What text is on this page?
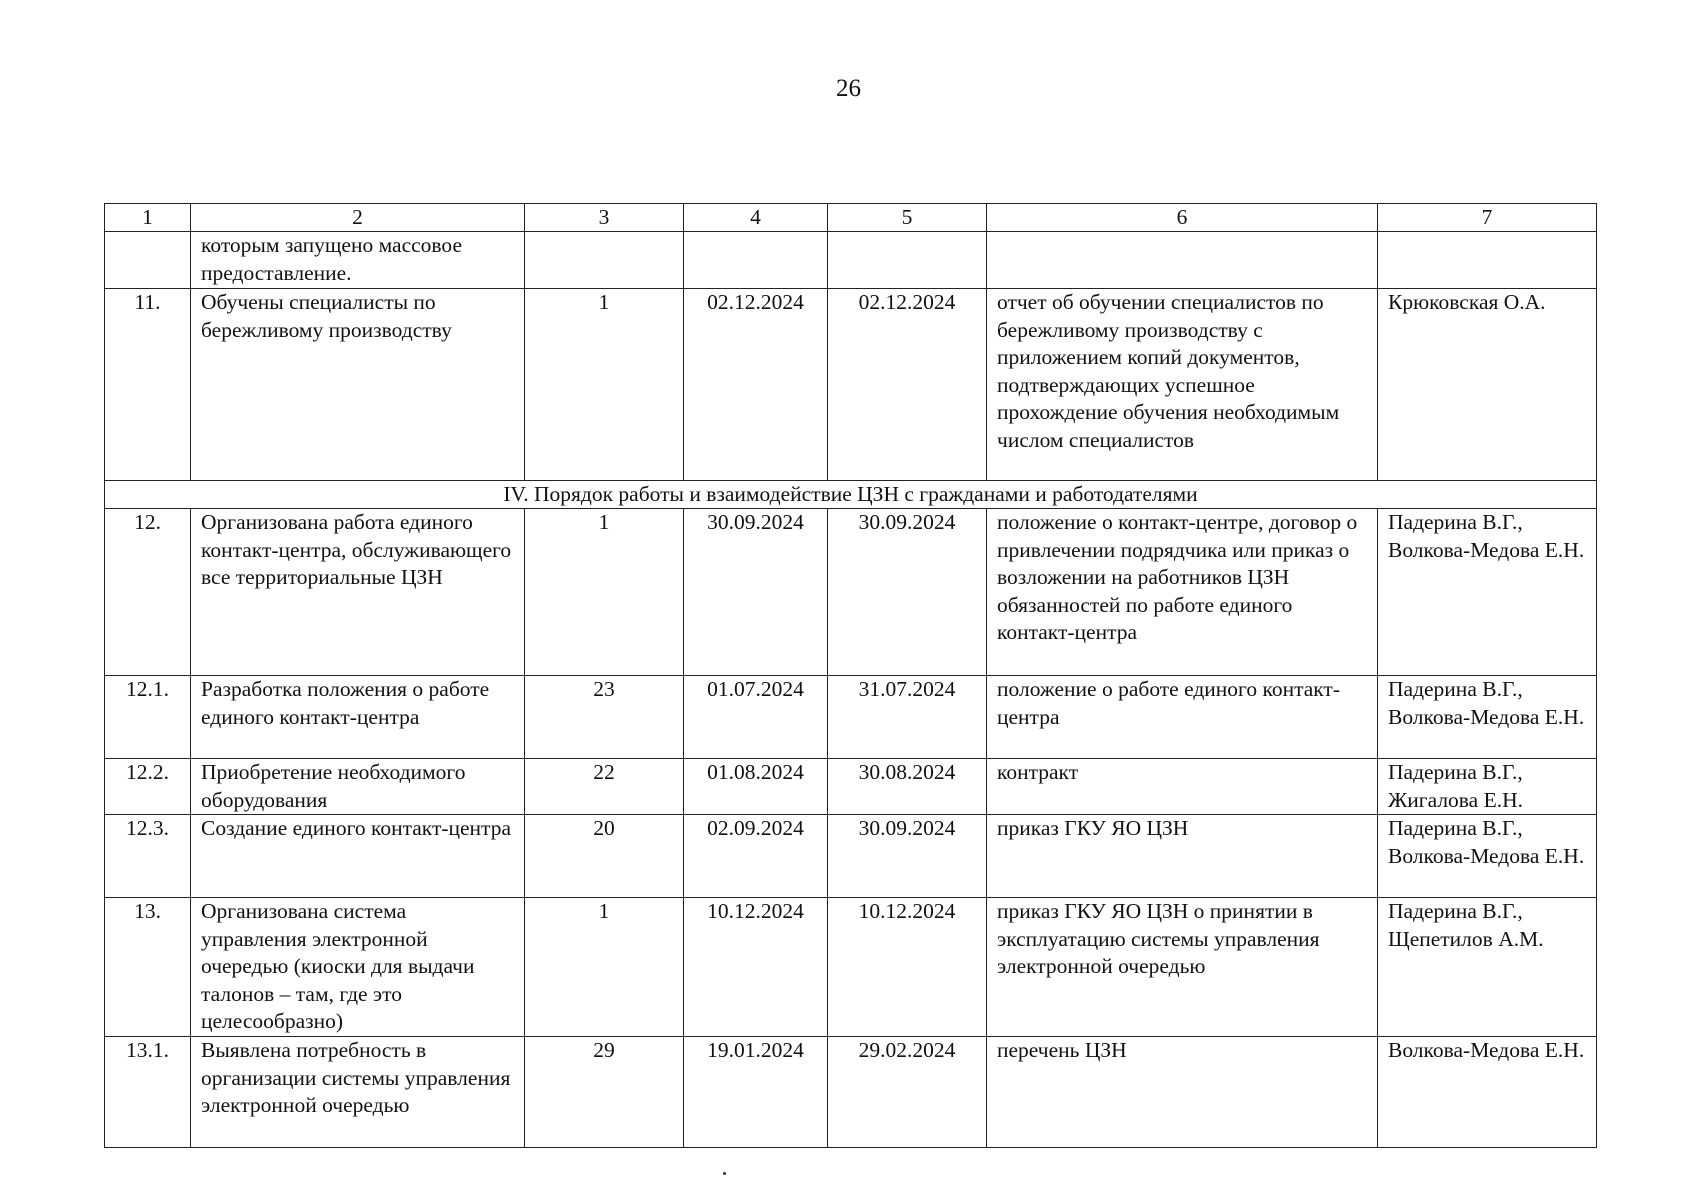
26
1	2	3	4	5	6	7
	которым запущено массовое предоставление.					
11.	Обучены специалисты по бережливому производству	1	02.12.2024	02.12.2024	отчет об обучении специалистов по бережливому производству с приложением копий документов, подтверждающих успешное прохождение обучения необходимым числом специалистов	Крюковская О.А.
IV. Порядок работы и взаимодействие ЦЗН с гражданами и работодателями						
12.	Организована работа единого контакт-центра, обслуживающего все территориальные ЦЗН	1	30.09.2024	30.09.2024	положение о контакт-центре, договор о привлечении подрядчика или приказ о возложении на работников ЦЗН обязанностей по работе единого контакт-центра	Падерина В.Г., Волкова-Медова Е.Н.
12.1.	Разработка положения о работе единого контакт-центра	23	01.07.2024	31.07.2024	положение о работе единого контакт-центра	Падерина В.Г., Волкова-Медова Е.Н.
12.2.	Приобретение необходимого оборудования	22	01.08.2024	30.08.2024	контракт	Падерина В.Г., Жигалова Е.Н.
12.3.	Создание единого контакт-центра	20	02.09.2024	30.09.2024	приказ ГКУ ЯО ЦЗН	Падерина В.Г., Волкова-Медова Е.Н.
13.	Организована система управления электронной очередью (киоски для выдачи талонов – там, где это целесообразно)	1	10.12.2024	10.12.2024	приказ ГКУ ЯО ЦЗН о принятии в эксплуатацию системы управления электронной очередью	Падерина В.Г., Щепетилов А.М.
13.1.	Выявлена потребность в организации системы управления электронной очередью	29	19.01.2024	29.02.2024	перечень ЦЗН	Волкова-Медова Е.Н.
